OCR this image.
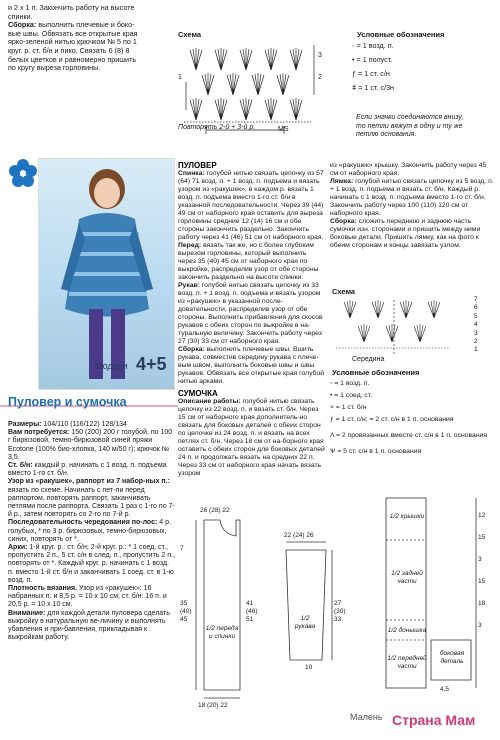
и 2 х 1 п. Закончить работу на высоте
спинки.
Сборка: выполнить плечевые и боко-
вые швы. Обвязать все открытые края
ярко-зеленой нитью крючком № 5 по 1
круг. р. ст. б/н и пико. Связать 6 (8) 8
белых цветков и равномерно пришить
по кругу выреза горловины.
Схема
3
2
1
Повторять 2-й + 3-й р.	MS
Условные обозначения
◦ = 1 возд. п.
• = 1 полуст.
ƒ = 1 ст. с/н
ǂ = 1 ст. с/3н
Если значки соединяются внизу,
то петли вяжут в одну и ту же
петлю основания.
Модели 4+5
Пуловер и сумочка

Размеры: 104/110 (116/122) 128/134

Вам потребуется: 150 (200) 200 г голубой, по 100 г бирюзовой, темно-бирюзовой синей пряжи Ecotone (100% био-хлопка, 140 м/50 г); крючок № 3,5.

Ст. б/н: каждый р. начинать с 1 возд. п. подъема вместо 1-го ст. б/н.

Узор из «ракушек», раппорт из 7 набор-ных п.: вязать по схеме. Начинать с пет-ли перед раппортом, повторять раппорт, заканчивать петлями после раппорта. Связать 1 раз с 1-го по 7-й р., затем повторять со 2-го по 7-й р.

Последовательность чередования по-лос: 4 р. голубых, * по 3 р. бирюзовых, темно-бирюзовых, синих, повторять от *.

Арки: 1-й круг. р.: ст. б/н; 2-й круг. р.: * 1 соед. ст., пропустить 2 п., 5 ст. с/н в след. п., пропустить 2 п., повторять от *. Каждый круг. р. начинать с 1 возд. п. вместо 1-й ст. б/н и заканчивать 1 соед. ст. в 1-ю возд. п.

Плотность вязания. Узор из «ракушек»: 16 набранных п. и 8,5 р. = 10 х 10 см; ст. б/н: 16 п. и 20,5 р. = 10 х 10 см.

Внимание: для каждой детали пуловера сделать выкройку в натуральную ве-личину и выполнять убавления и при-бавления, прикладывая к выкройкам работу.

ПУЛОВЕР

Спинка: голубой нитью связать цепочку из 57 (64) 71 возд. п. + 1 возд. п. подъема и вязать узором из «ракушек», в каждом р. вязать 1 возд. п. подъема вместо 1-го ст. б/н в указанной последовательности. Через 39 (44) 49 см от наборного края оставить для выреза горловины средние 12 (14) 16 см и обе стороны закончить раздельно. Закончить работу через 41 (46) 51 см от наборного края.

Перед: вязать так же, но с более глубоким вырезом горловины, который выполнить через 35 (40) 45 см от наборного края по выкройке, распределив узор от обе стороны закончить раздельно на высоте спинки.

Рукав: голубой нитью связать цепочку из 33 возд. п. + 1 возд. п. подъема и вязать узором из «ракушек» в указанной после-довательности, распределив узор от обе стороны. Выполнить прибавления для скосов рукавов с обеих сторон по выкройке в на-туральную величину. Закончить работу через 27 (30) 33 см от наборного края.

Сборка: выполнить плечевые швы. Вшить рукава, совместив середину рукава с плече-вым швом, выполнить боковые швы и швы рукавов. Обвязать все открытые края голубой нитью арками.

СУМОЧКА

Описание работы: голубой нитью связать цепочку из 22 возд. п. и вязать ст. б/н. Через 15 см от наборного края дополнитель-но связать для боковых деталей с обеих сторон по цепочке из 24 возд. п. и вязать на всех петлях ст. б/н. Через 18 см от на-борного края оставить с обеих сторон для боковых деталей 24 п. и продолжать вязать на средних 22 п. Через 33 см от наборного края начать вязать узором

из «ракушек» крышку. Закончить работу через 45 см от наборного края.

Лямка: голубой нитью связать цепочку из 5 возд. п. + 1 возд. п. подъема и вязать ст. б/н. Каждый р. начинать с 1 возд. п. подъема вместо 1-го ст. б/н. Закончить работу через 100 (110) 120 см от наборного края.

Сборка: сложить переднюю и заднюю часть сумочки изн. сторонами и пришить между ними боковые детали. Пришить лямку, как на фото к обеим сторонам и концы завязать узлом.

Схема
Середина
7
6
5
4
3
2
1
Условные обозначения
◦ = 1 возд. п.
• = 1 соед. ст.
× = 1 ст. б/н
ƒ = 1 ст. с/н; = 2 ст. с/н в 1 п. основания
Λ = 2 провязанных вместе ст. с/н в 1 п. основания
Ѱ = 5 ст. с/н в 1 п. основания
26 (28) 22
35
(40)
45
7
1/2 переда и спинки
18 (20) 22
41
(46)
51
22 (24) 26
1/2 рукава
27
(30)
33
10
1/2 крышки
1/2 задней части
1/2 донышка
1/2 передней части
боковая деталь
12
15
3
15
18
3
4,5
Малень Страна Мам
